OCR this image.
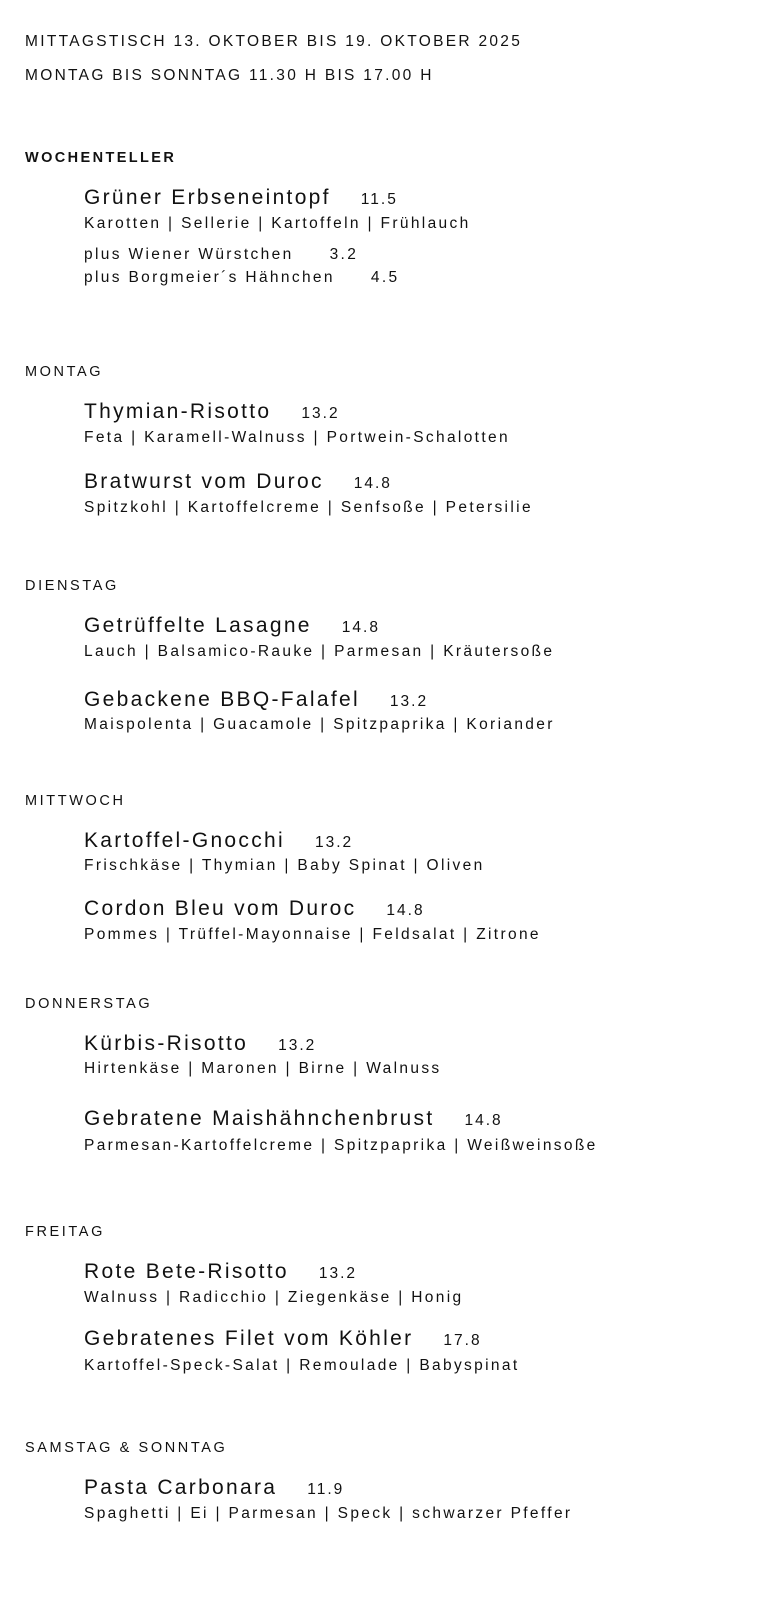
MITTAGSTISCH 13. OKTOBER BIS 19. OKTOBER 2025
MONTAG BIS SONNTAG 11.30 H BIS 17.00 H
WOCHENTELLER
Grüner Erbseneintopf 11.5
Karotten | Sellerie | Kartoffeln | Frühlauch
plus Wiener Würstchen 3.2
plus Borgmeier´s Hähnchen 4.5
MONTAG
Thymian-Risotto 13.2
Feta | Karamell-Walnuss | Portwein-Schalotten
Bratwurst vom Duroc 14.8
Spitzkohl | Kartoffelcreme | Senfsoße | Petersilie
DIENSTAG
Getrüffelte Lasagne 14.8
Lauch | Balsamico-Rauke | Parmesan | Kräutersoße
Gebackene BBQ-Falafel 13.2
Maispolenta | Guacamole | Spitzpaprika | Koriander
MITTWOCH
Kartoffel-Gnocchi 13.2
Frischkäse | Thymian | Baby Spinat | Oliven
Cordon Bleu vom Duroc 14.8
Pommes | Trüffel-Mayonnaise | Feldsalat | Zitrone
DONNERSTAG
Kürbis-Risotto 13.2
Hirtenkäse | Maronen | Birne | Walnuss
Gebratene Maishähnchenbrust 14.8
Parmesan-Kartoffelcreme | Spitzpaprika | Weißweinsoße
FREITAG
Rote Bete-Risotto 13.2
Walnuss | Radicchio | Ziegenkäse | Honig
Gebratenes Filet vom Köhler 17.8
Kartoffel-Speck-Salat | Remoulade | Babyspinat
SAMSTAG & SONNTAG
Pasta Carbonara 11.9
Spaghetti | Ei | Parmesan | Speck | schwarzer Pfeffer
